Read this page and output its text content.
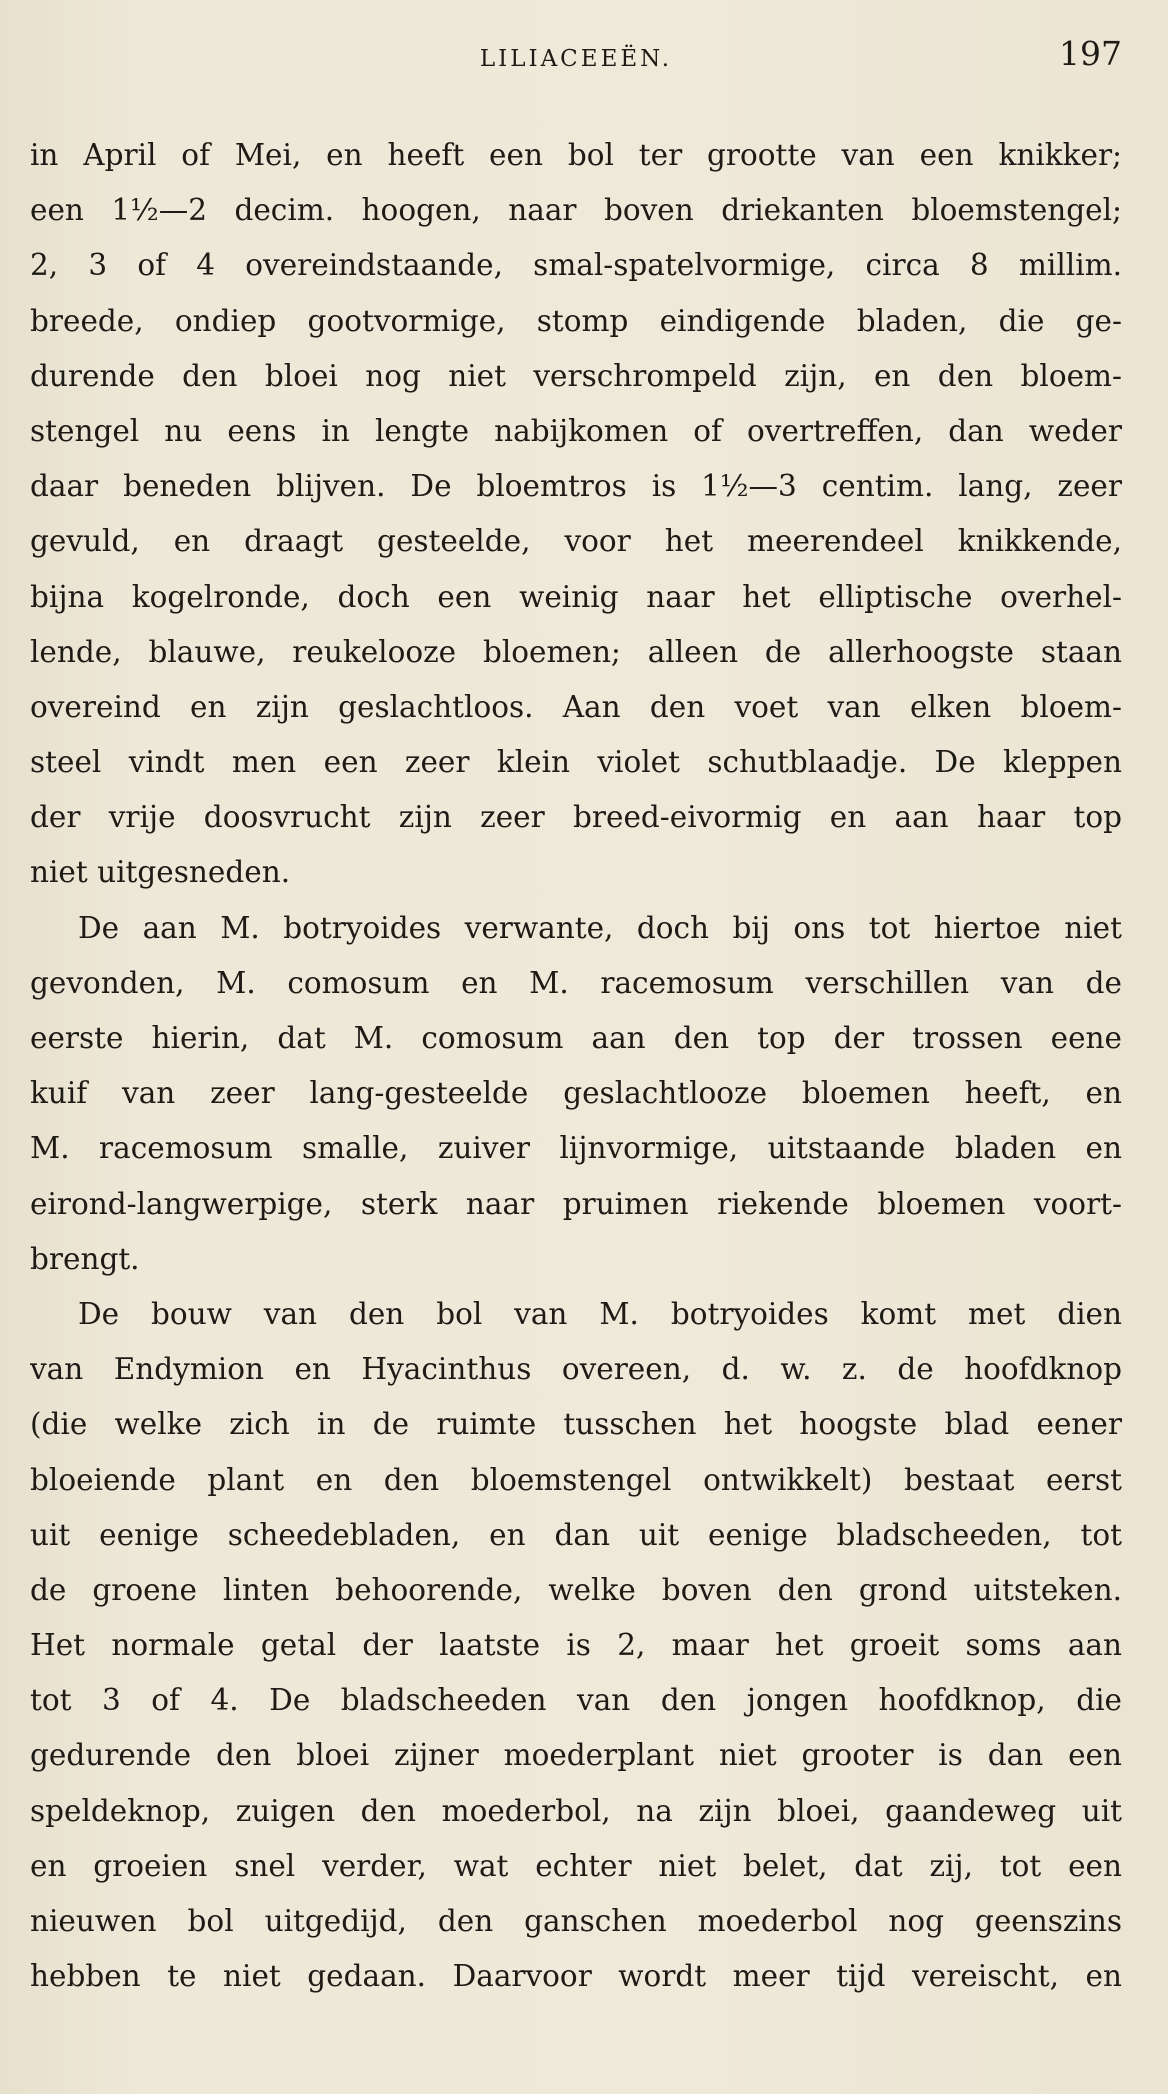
LILIACEEËN.	197
in April of Mei, en heeft een bol ter grootte van een knikker;
een 1½—2 decim. hoogen, naar boven driekanten bloemstengel;
2, 3 of 4 overeindstaande, smal-spatelvormige, circa 8 millim.
breede, ondiep gootvormige, stomp eindigende bladen, die ge-
durende den bloei nog niet verschrompeld zijn, en den bloem-
stengel nu eens in lengte nabijkomen of overtreffen, dan weder
daar beneden blijven. De bloemtros is 1½—3 centim. lang, zeer
gevuld, en draagt gesteelde, voor het meerendeel knikkende,
bijna kogelronde, doch een weinig naar het elliptische overhel-
lende, blauwe, reukelooze bloemen; alleen de allerhoogste staan
overeind en zijn geslachtloos. Aan den voet van elken bloem-
steel vindt men een zeer klein violet schutblaadje. De kleppen
der vrije doosvrucht zijn zeer breed-eivormig en aan haar top
niet uitgesneden.
De aan M. botryoides verwante, doch bij ons tot hiertoe niet
gevonden, M. comosum en M. racemosum verschillen van de
eerste hierin, dat M. comosum aan den top der trossen eene
kuif van zeer lang-gesteelde geslachtlooze bloemen heeft, en
M. racemosum smalle, zuiver lijnvormige, uitstaande bladen en
eirond-langwerpige, sterk naar pruimen riekende bloemen voort-
brengt.
De bouw van den bol van M. botryoides komt met dien
van Endymion en Hyacinthus overeen, d. w. z. de hoofdknop
(die welke zich in de ruimte tusschen het hoogste blad eener
bloeiende plant en den bloemstengel ontwikkelt) bestaat eerst
uit eenige scheedebladen, en dan uit eenige bladscheeden, tot
de groene linten behoorende, welke boven den grond uitsteken.
Het normale getal der laatste is 2, maar het groeit soms aan
tot 3 of 4. De bladscheeden van den jongen hoofdknop, die
gedurende den bloei zijner moederplant niet grooter is dan een
speldeknop, zuigen den moederbol, na zijn bloei, gaandeweg uit
en groeien snel verder, wat echter niet belet, dat zij, tot een
nieuwen bol uitgedijd, den ganschen moederbol nog geenszins
hebben te niet gedaan. Daarvoor wordt meer tijd vereischt, en
